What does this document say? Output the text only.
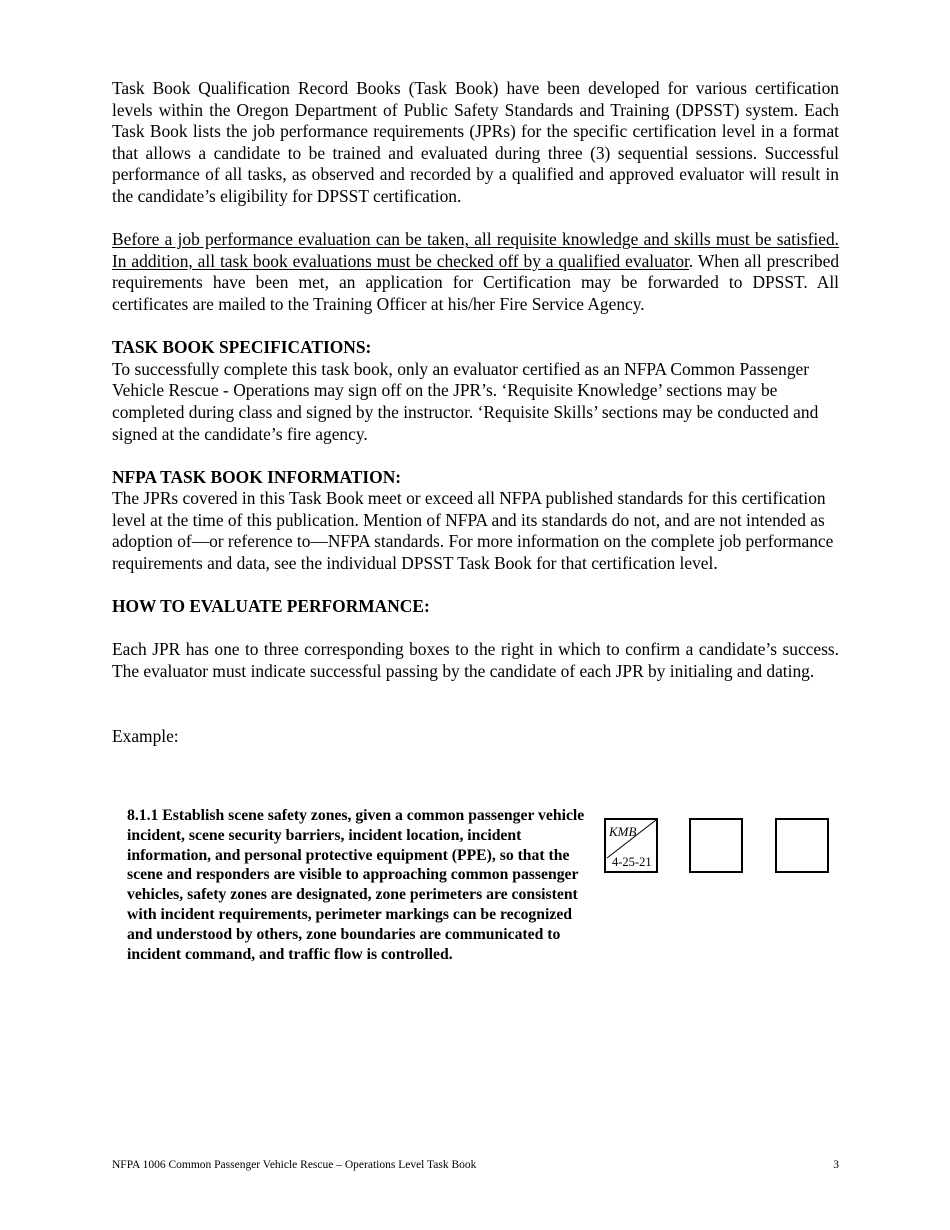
Task Book Qualification Record Books (Task Book) have been developed for various certification levels within the Oregon Department of Public Safety Standards and Training (DPSST) system. Each Task Book lists the job performance requirements (JPRs) for the specific certification level in a format that allows a candidate to be trained and evaluated during three (3) sequential sessions. Successful performance of all tasks, as observed and recorded by a qualified and approved evaluator will result in the candidate’s eligibility for DPSST certification.

Before a job performance evaluation can be taken, all requisite knowledge and skills must be satisfied. In addition, all task book evaluations must be checked off by a qualified evaluator. When all prescribed requirements have been met, an application for Certification may be forwarded to DPSST. All certificates are mailed to the Training Officer at his/her Fire Service Agency.

TASK BOOK SPECIFICATIONS:

To successfully complete this task book, only an evaluator certified as an NFPA Common Passenger Vehicle Rescue - Operations may sign off on the JPR’s. ‘Requisite Knowledge’ sections may be completed during class and signed by the instructor. ‘Requisite Skills’ sections may be conducted and signed at the candidate’s fire agency.

NFPA TASK BOOK INFORMATION:

The JPRs covered in this Task Book meet or exceed all NFPA published standards for this certification level at the time of this publication. Mention of NFPA and its standards do not, and are not intended as adoption of—or reference to—NFPA standards. For more information on the complete job performance requirements and data, see the individual DPSST Task Book for that certification level.

HOW TO EVALUATE PERFORMANCE:

Each JPR has one to three corresponding boxes to the right in which to confirm a candidate’s success. The evaluator must indicate successful passing by the candidate of each JPR by initialing and dating.

Example:

8.1.1 Establish scene safety zones, given a common passenger vehicle incident, scene security barriers, incident location, incident information, and personal protective equipment (PPE), so that the scene and responders are visible to approaching common passenger vehicles, safety zones are designated, zone perimeters are consistent with incident requirements, perimeter markings can be recognized and understood by others, zone boundaries are communicated to incident command, and traffic flow is controlled.

KMB
4-25-21
NFPA 1006 Common Passenger Vehicle Rescue – Operations Level Task Book	3
